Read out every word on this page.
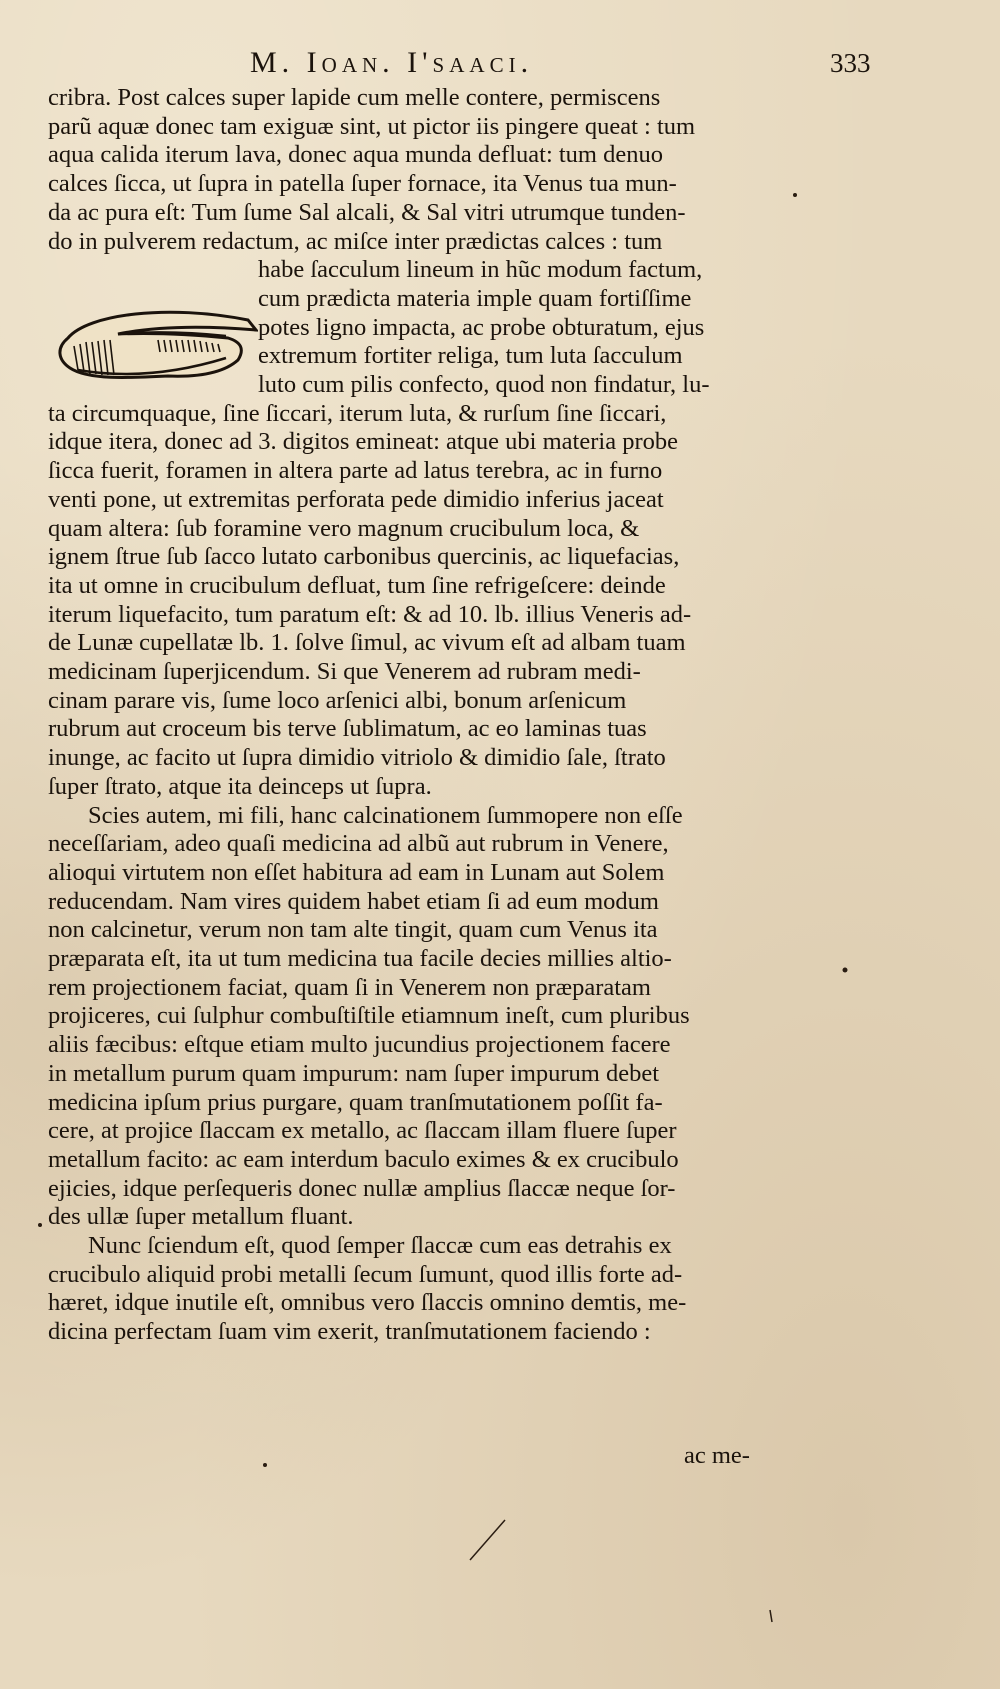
M. Ioan. I'saaci.	333
cribra. Post calces super lapide cum melle contere, permiscens
parũ aquæ donec tam exiguæ sint, ut pictor iis pingere queat : tum
aqua calida iterum lava, donec aqua munda defluat: tum denuo
calces ſicca, ut ſupra in patella ſuper fornace, ita Venus tua mun-
da ac pura eſt: Tum ſume Sal alcali, & Sal vitri utrumque tunden-
do in pulverem redactum, ac miſce inter prædictas calces : tum
habe ſacculum lineum in hũc modum factum,
cum prædicta materia imple quam fortiſſime
potes ligno impacta, ac probe obturatum, ejus
extremum fortiter religa, tum luta ſacculum
luto cum pilis confecto, quod non findatur, lu-
ta circumquaque, ſine ſiccari, iterum luta, & rurſum ſine ſiccari,
idque itera, donec ad 3. digitos emineat: atque ubi materia probe
ſicca fuerit, foramen in altera parte ad latus terebra, ac in furno
venti pone, ut extremitas perforata pede dimidio inferius jaceat
quam altera: ſub foramine vero magnum crucibulum loca, &
ignem ſtrue ſub ſacco lutato carbonibus quercinis, ac liquefacias,
ita ut omne in crucibulum defluat, tum ſine refrigeſcere: deinde
iterum liquefacito, tum paratum eſt: & ad 10. lb. illius Veneris ad-
de Lunæ cupellatæ lb. 1. ſolve ſimul, ac vivum eſt ad albam tuam
medicinam ſuperjicendum. Si que Venerem ad rubram medi-
cinam parare vis, ſume loco arſenici albi, bonum arſenicum
rubrum aut croceum bis terve ſublimatum, ac eo laminas tuas
inunge, ac facito ut ſupra dimidio vitriolo & dimidio ſale, ſtrato
ſuper ſtrato, atque ita deinceps ut ſupra.
Scies autem, mi fili, hanc calcinationem ſummopere non eſſe
neceſſariam, adeo quaſi medicina ad albũ aut rubrum in Venere,
alioqui virtutem non eſſet habitura ad eam in Lunam aut Solem
reducendam. Nam vires quidem habet etiam ſi ad eum modum
non calcinetur, verum non tam alte tingit, quam cum Venus ita
præparata eſt, ita ut tum medicina tua facile decies millies altio-
rem projectionem faciat, quam ſi in Venerem non præparatam
projiceres, cui ſulphur combuſtiſtile etiamnum ineſt, cum pluribus
aliis fæcibus: eſtque etiam multo jucundius projectionem facere
in metallum purum quam impurum: nam ſuper impurum debet
medicina ipſum prius purgare, quam tranſmutationem poſſit fa-
cere, at projice ſlaccam ex metallo, ac ſlaccam illam fluere ſuper
metallum facito: ac eam interdum baculo eximes & ex crucibulo
ejicies, idque perſequeris donec nullæ amplius ſlaccæ neque ſor-
des ullæ ſuper metallum fluant.
Nunc ſciendum eſt, quod ſemper ſlaccæ cum eas detrahis ex
crucibulo aliquid probi metalli ſecum ſumunt, quod illis forte ad-
hæret, idque inutile eſt, omnibus vero ſlaccis omnino demtis, me-
dicina perfectam ſuam vim exerit, tranſmutationem faciendo :
ac me-
